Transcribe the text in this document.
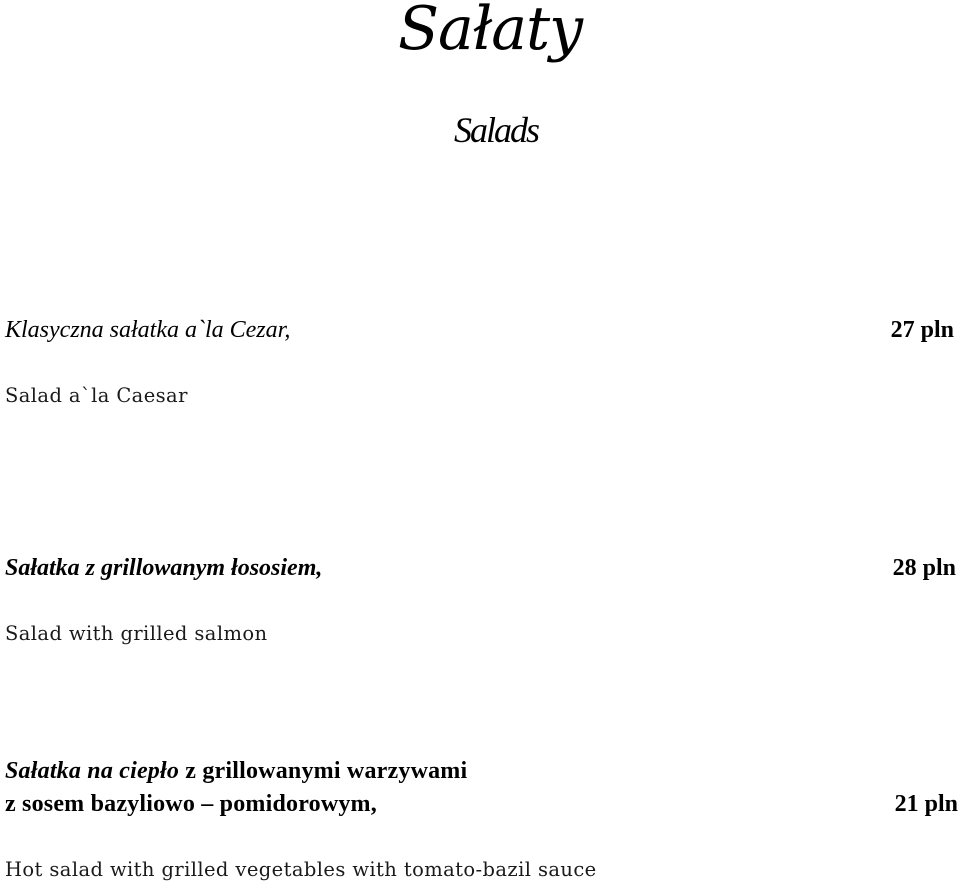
Sałaty
Salads
Klasyczna sałatka a`la Cezar,	27 pln
Salad a`la Caesar
Sałatka z grillowanym łososiem,	28 pln
Salad with grilled salmon
Sałatka na ciepło z grillowanymi warzywami
z sosem bazyliowo – pomidorowym,	21 pln
Hot salad with grilled vegetables with tomato-bazil sauce
